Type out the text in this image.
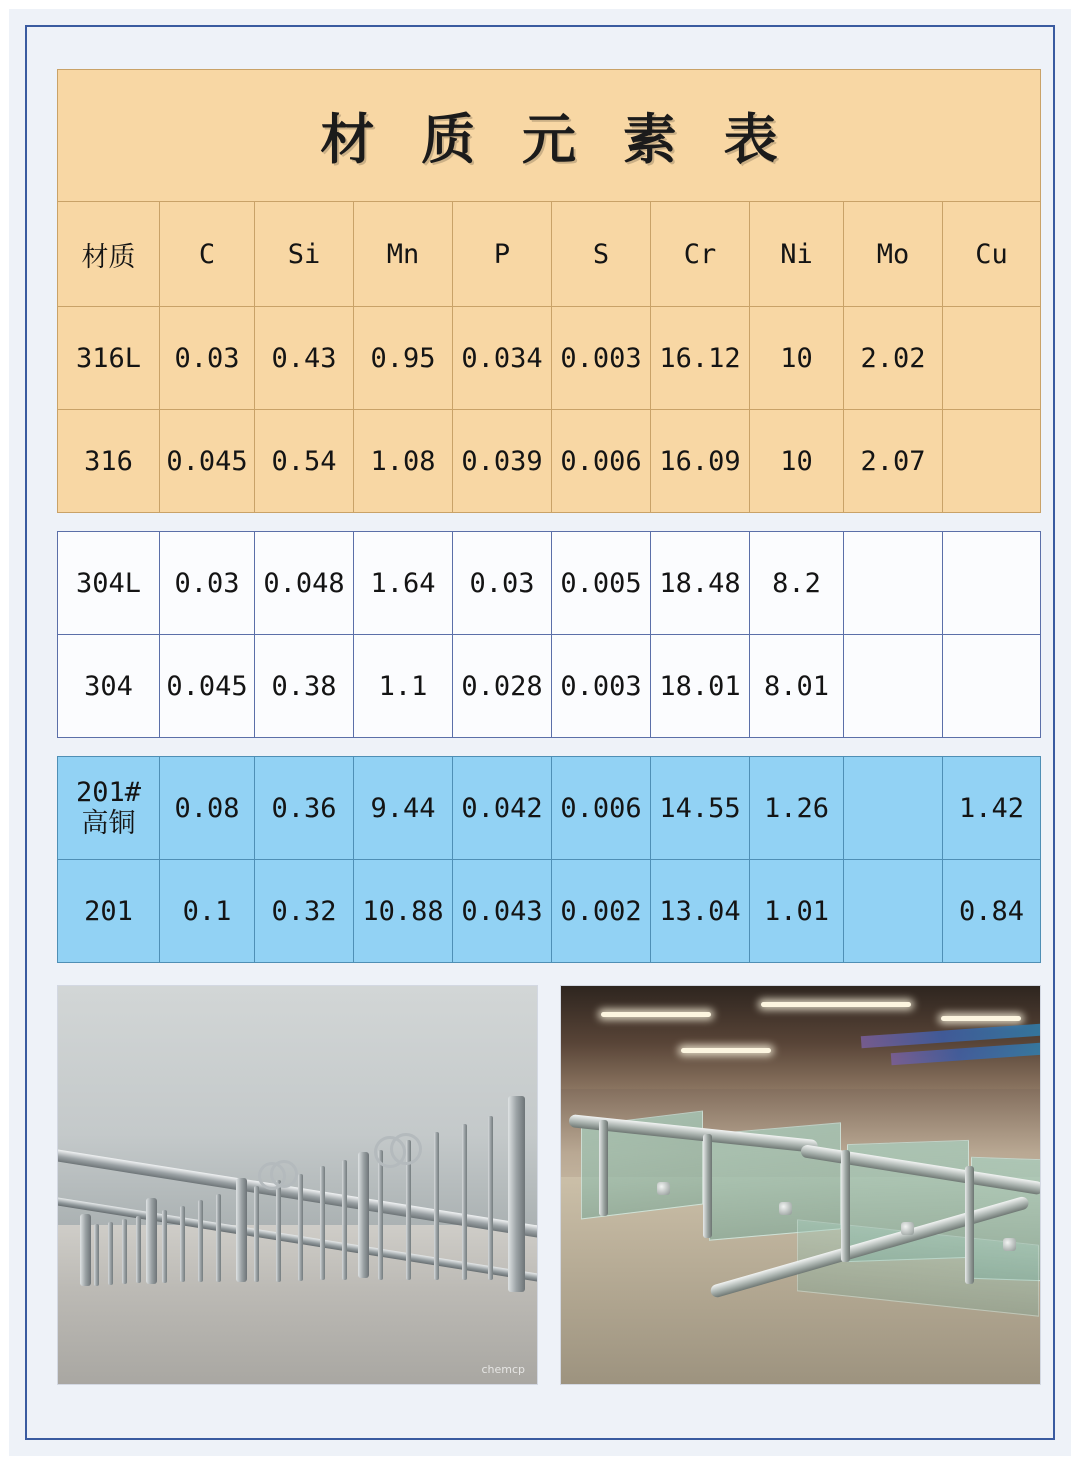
材 质 元 素 表
材质	C	Si	Mn	P	S	Cr	Ni	Mo	Cu
316L	0.03	0.43	0.95	0.034	0.003	16.12	10	2.02	
316	0.045	0.54	1.08	0.039	0.006	16.09	10	2.07	
304L	0.03	0.048	1.64	0.03	0.005	18.48	8.2		
304	0.045	0.38	1.1	0.028	0.003	18.01	8.01		
201#
高铜	0.08	0.36	9.44	0.042	0.006	14.55	1.26		1.42
201	0.1	0.32	10.88	0.043	0.002	13.04	1.01		0.84
chemcp
